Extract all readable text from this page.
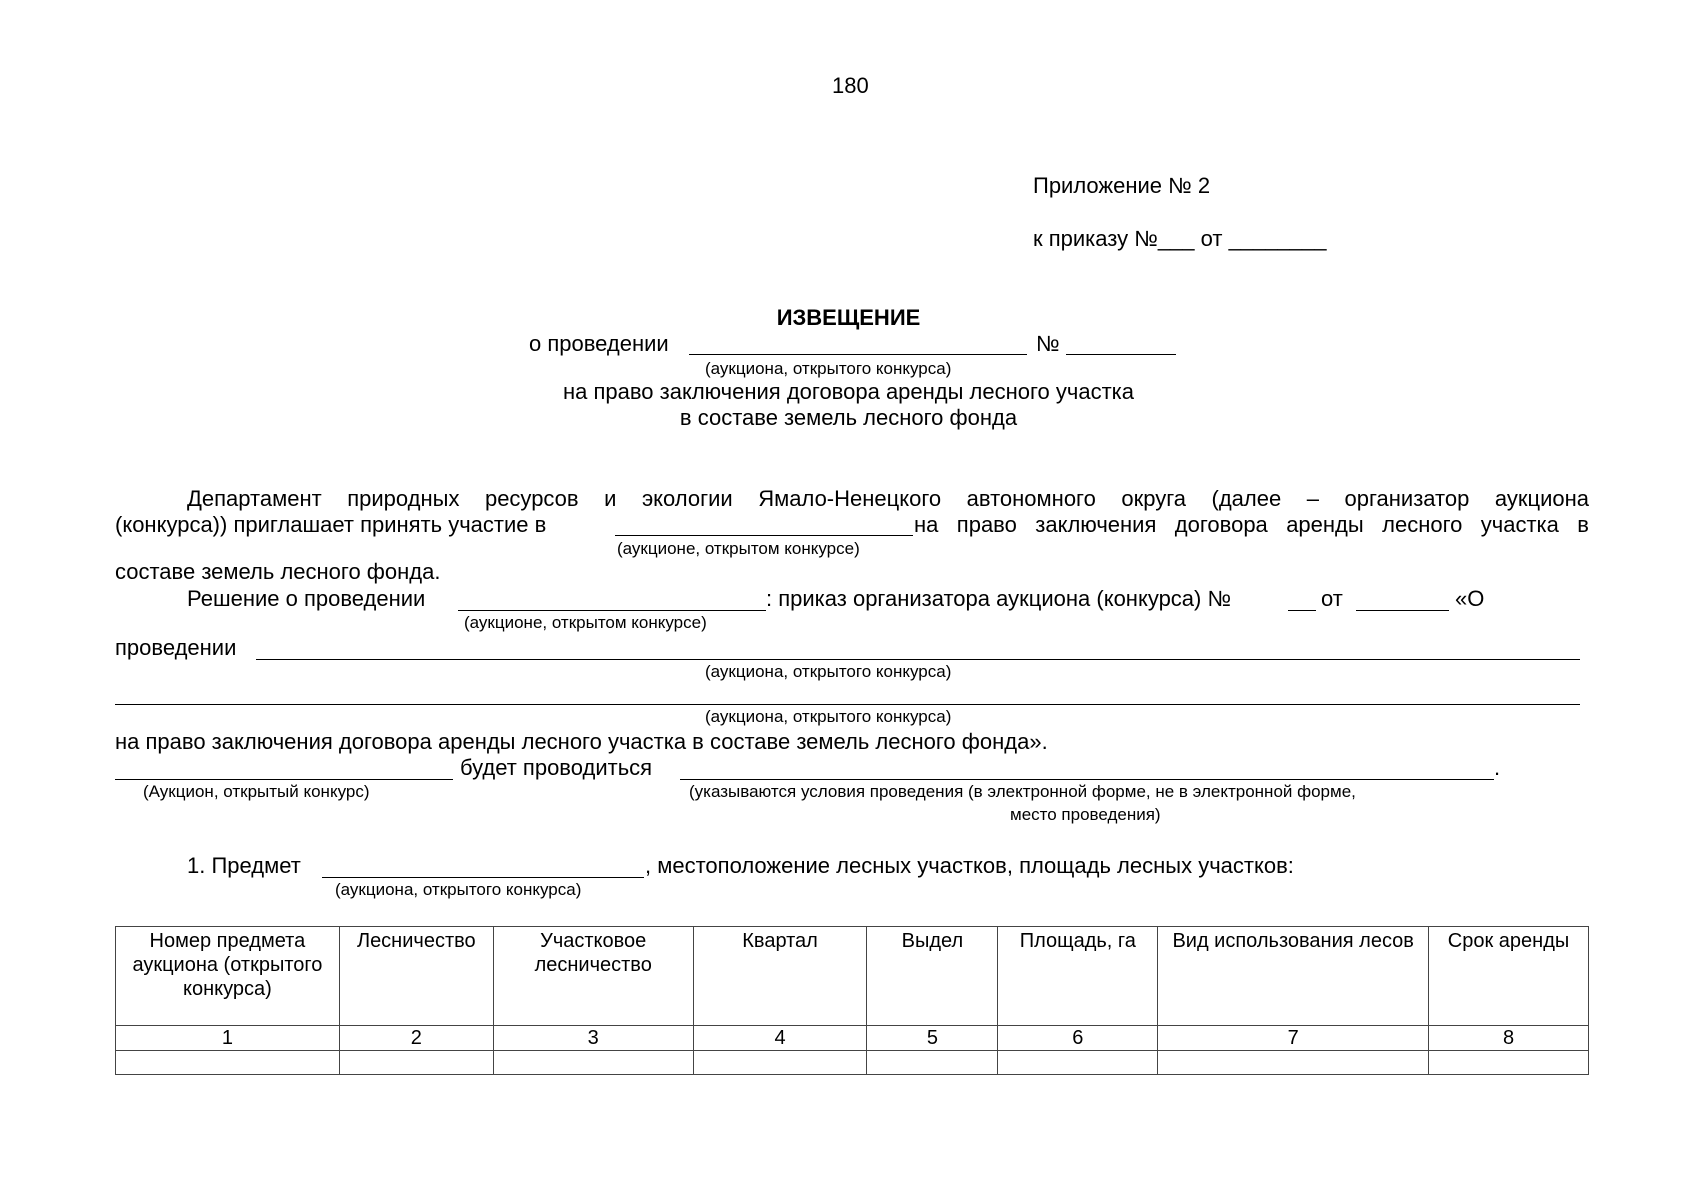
180
Приложение № 2
к приказу №___ от ________
ИЗВЕЩЕНИЕ
о проведении	№
(аукциона, открытого конкурса)
на право заключения договора аренды лесного участка
в составе земель лесного фонда
Департамент природных ресурсов и экологии Ямало-Ненецкого автономного округа (далее – организатор аукциона
(конкурса)) приглашает принять участие в	на право заключения договора аренды лесного участка в
(аукционе, открытом конкурсе)
составе земель лесного фонда.
Решение о проведении	: приказ организатора аукциона (конкурса) №	от	«О
(аукционе, открытом конкурсе)
проведении
(аукциона, открытого конкурса)
(аукциона, открытого конкурса)
на право заключения договора аренды лесного участка в составе земель лесного фонда».
будет проводиться	.
(Аукцион, открытый конкурс)	(указываются условия проведения (в электронной форме, не в электронной форме,
место проведения)
1. Предмет	, местоположение лесных участков, площадь лесных участков:
(аукциона, открытого конкурса)
Номер предмета аукциона (открытого конкурса)	Лесничество	Участковое лесничество	Квартал	Выдел	Площадь, га	Вид использования лесов	Срок аренды
1	2	3	4	5	6	7	8
